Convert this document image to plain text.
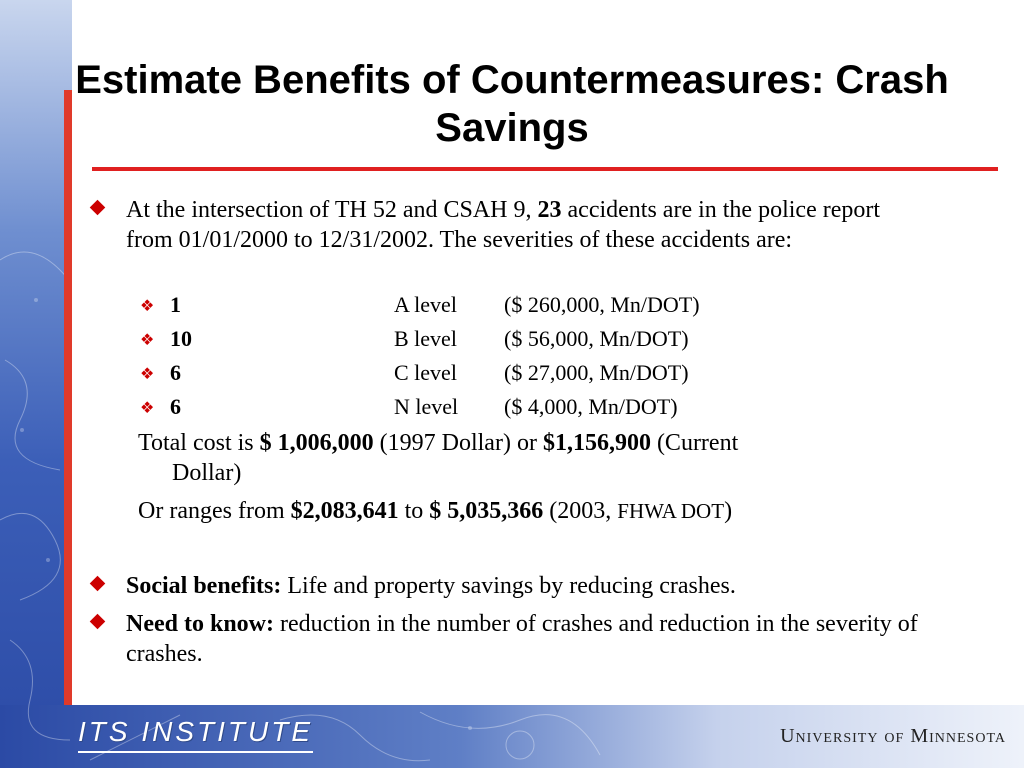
Estimate Benefits of Countermeasures: Crash Savings
At the intersection of TH 52 and CSAH 9, 23 accidents are in the police report from 01/01/2000 to 12/31/2002. The severities of these accidents are:
❖ 1	A level ($ 260,000, Mn/DOT)
❖ 10	B level ($ 56,000, Mn/DOT)
❖ 6	C level ($ 27,000, Mn/DOT)
❖ 6	N level ($ 4,000, Mn/DOT)
Total cost is $ 1,006,000 (1997 Dollar) or $1,156,900 (Current
Dollar)
Or ranges from $2,083,641 to $ 5,035,366 (2003, FHWA DOT)
Social benefits: Life and property savings by reducing crashes.
Need to know: reduction in the number of crashes and reduction in the severity of crashes.
ITS INSTITUTE	University of Minnesota
